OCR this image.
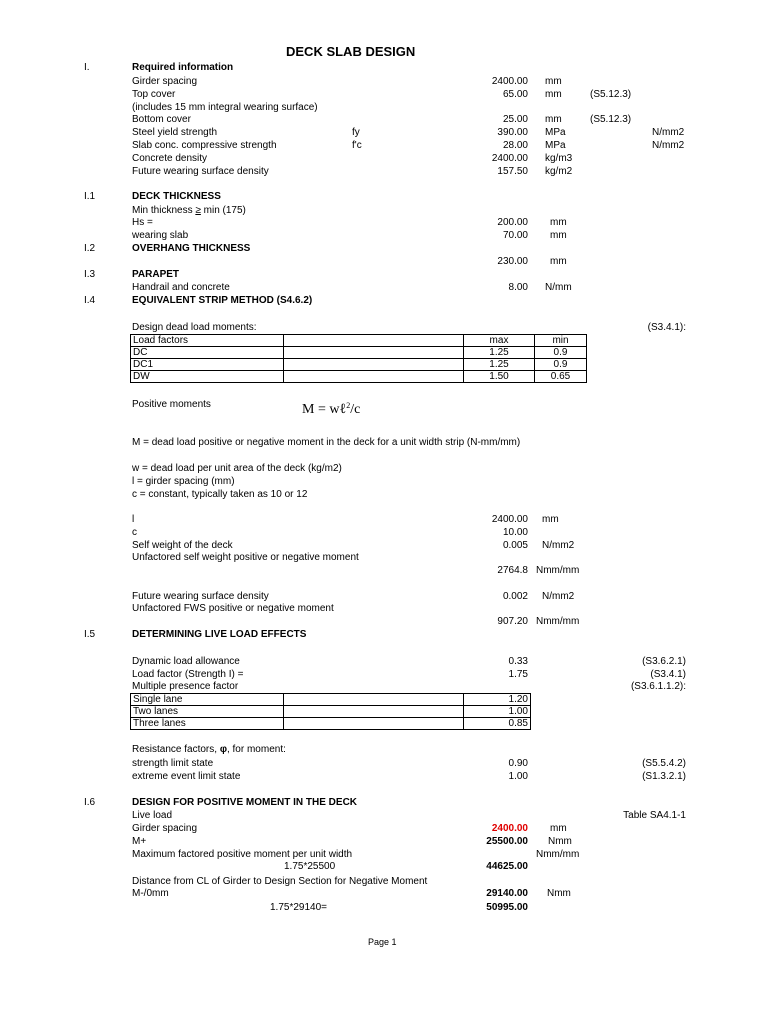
DECK SLAB DESIGN
I.	Required information
Girder spacing	2400.00 mm
Top cover	65.00 mm	(S5.12.3)
(includes 15 mm integral wearing surface)
Bottom cover	25.00 mm	(S5.12.3)
Steel yield strength	fy	390.00 MPa	N/mm2
Slab conc. compressive strength	f'c	28.00 MPa	N/mm2
Concrete density	2400.00 kg/m3
Future wearing surface density	157.50 kg/m2
I.1	DECK THICKNESS
Min thickness ≥ min (175)
Hs =	200.00 mm
wearing slab	70.00 mm
I.2	OVERHANG THICKNESS
230.00 mm
I.3	PARAPET
Handrail and concrete	8.00 N/mm
I.4	EQUIVALENT STRIP METHOD (S4.6.2)
Design dead load moments:	(S3.4.1):
Load factors		max	min
DC		1.25	0.9
DC1		1.25	0.9
DW		1.50	0.65
Positive moments	M = wℓ$^2$/c
M = dead load positive or negative moment in the deck for a unit width strip (N-mm/mm)
w = dead load per unit area of the deck (kg/m2)
l = girder spacing (mm)
c = constant, typically taken as 10 or 12
l	2400.00 mm
c	10.00
Self weight of the deck	0.005 N/mm2
Unfactored self weight positive or negative moment
2764.8 Nmm/mm
Future wearing surface density	0.002 N/mm2
Unfactored FWS positive or negative moment
907.20 Nmm/mm
I.5	DETERMINING LIVE LOAD EFFECTS
Dynamic load allowance	0.33	(S3.6.2.1)
Load factor (Strength I) =	1.75	(S3.4.1)
Multiple presence factor	(S3.6.1.1.2):
Single lane		1.20
Two lanes		1.00
Three lanes		0.85
Resistance factors, φ, for moment:
strength limit state	0.90	(S5.5.4.2)
extreme event limit state	1.00	(S1.3.2.1)
I.6	DESIGN FOR POSITIVE MOMENT IN THE DECK
Live load	Table SA4.1-1
Girder spacing	2400.00 mm
M+	25500.00 Nmm
Maximum factored positive moment per unit width	Nmm/mm
1.75*25500	44625.00
Distance from CL of Girder to Design Section for Negative Moment
M-/0mm	29140.00 Nmm
1.75*29140=	50995.00
Page 1
